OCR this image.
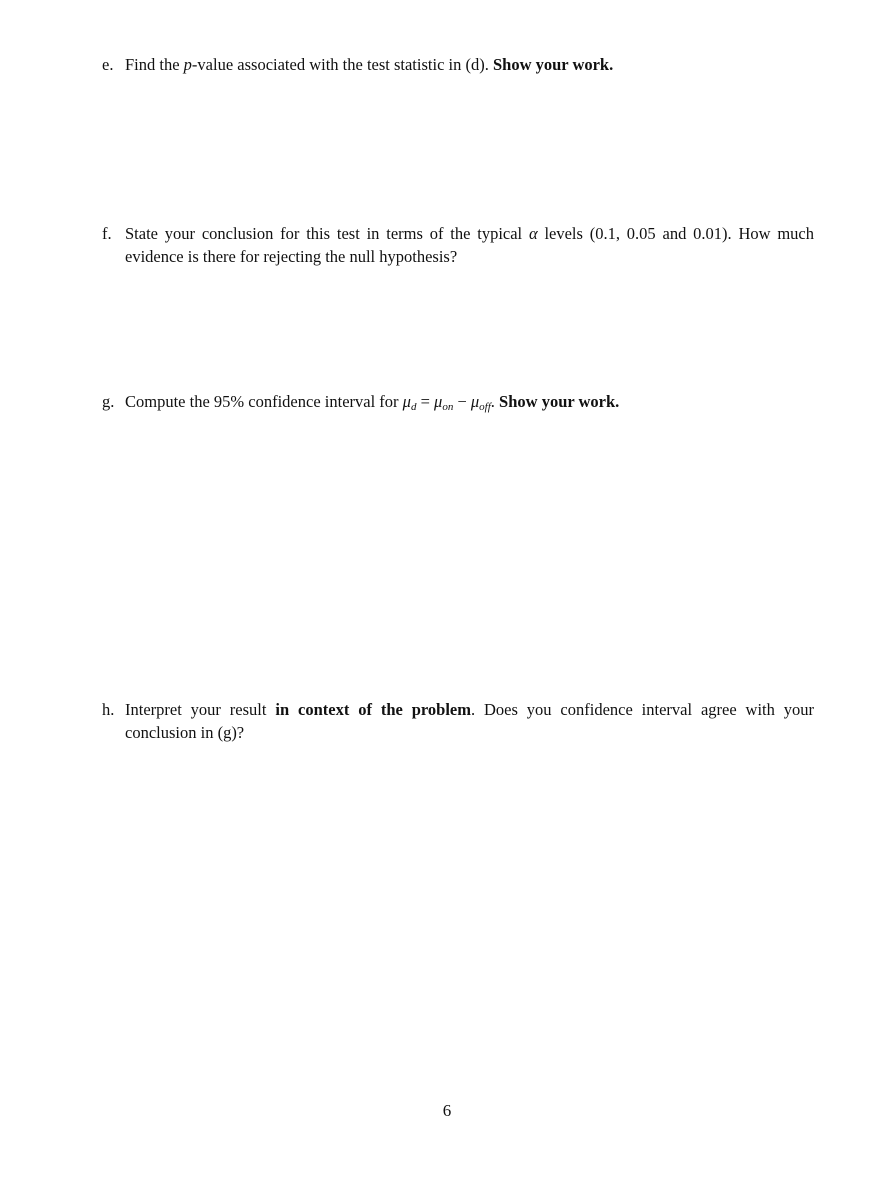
e. Find the p-value associated with the test statistic in (d). Show your work.
f. State your conclusion for this test in terms of the typical α levels (0.1, 0.05 and 0.01). How much evidence is there for rejecting the null hypothesis?
g. Compute the 95% confidence interval for $\mu_d = \mu_{on} - \mu_{off}$. Show your work.
h. Interpret your result in context of the problem. Does you confidence interval agree with your conclusion in (g)?
6
